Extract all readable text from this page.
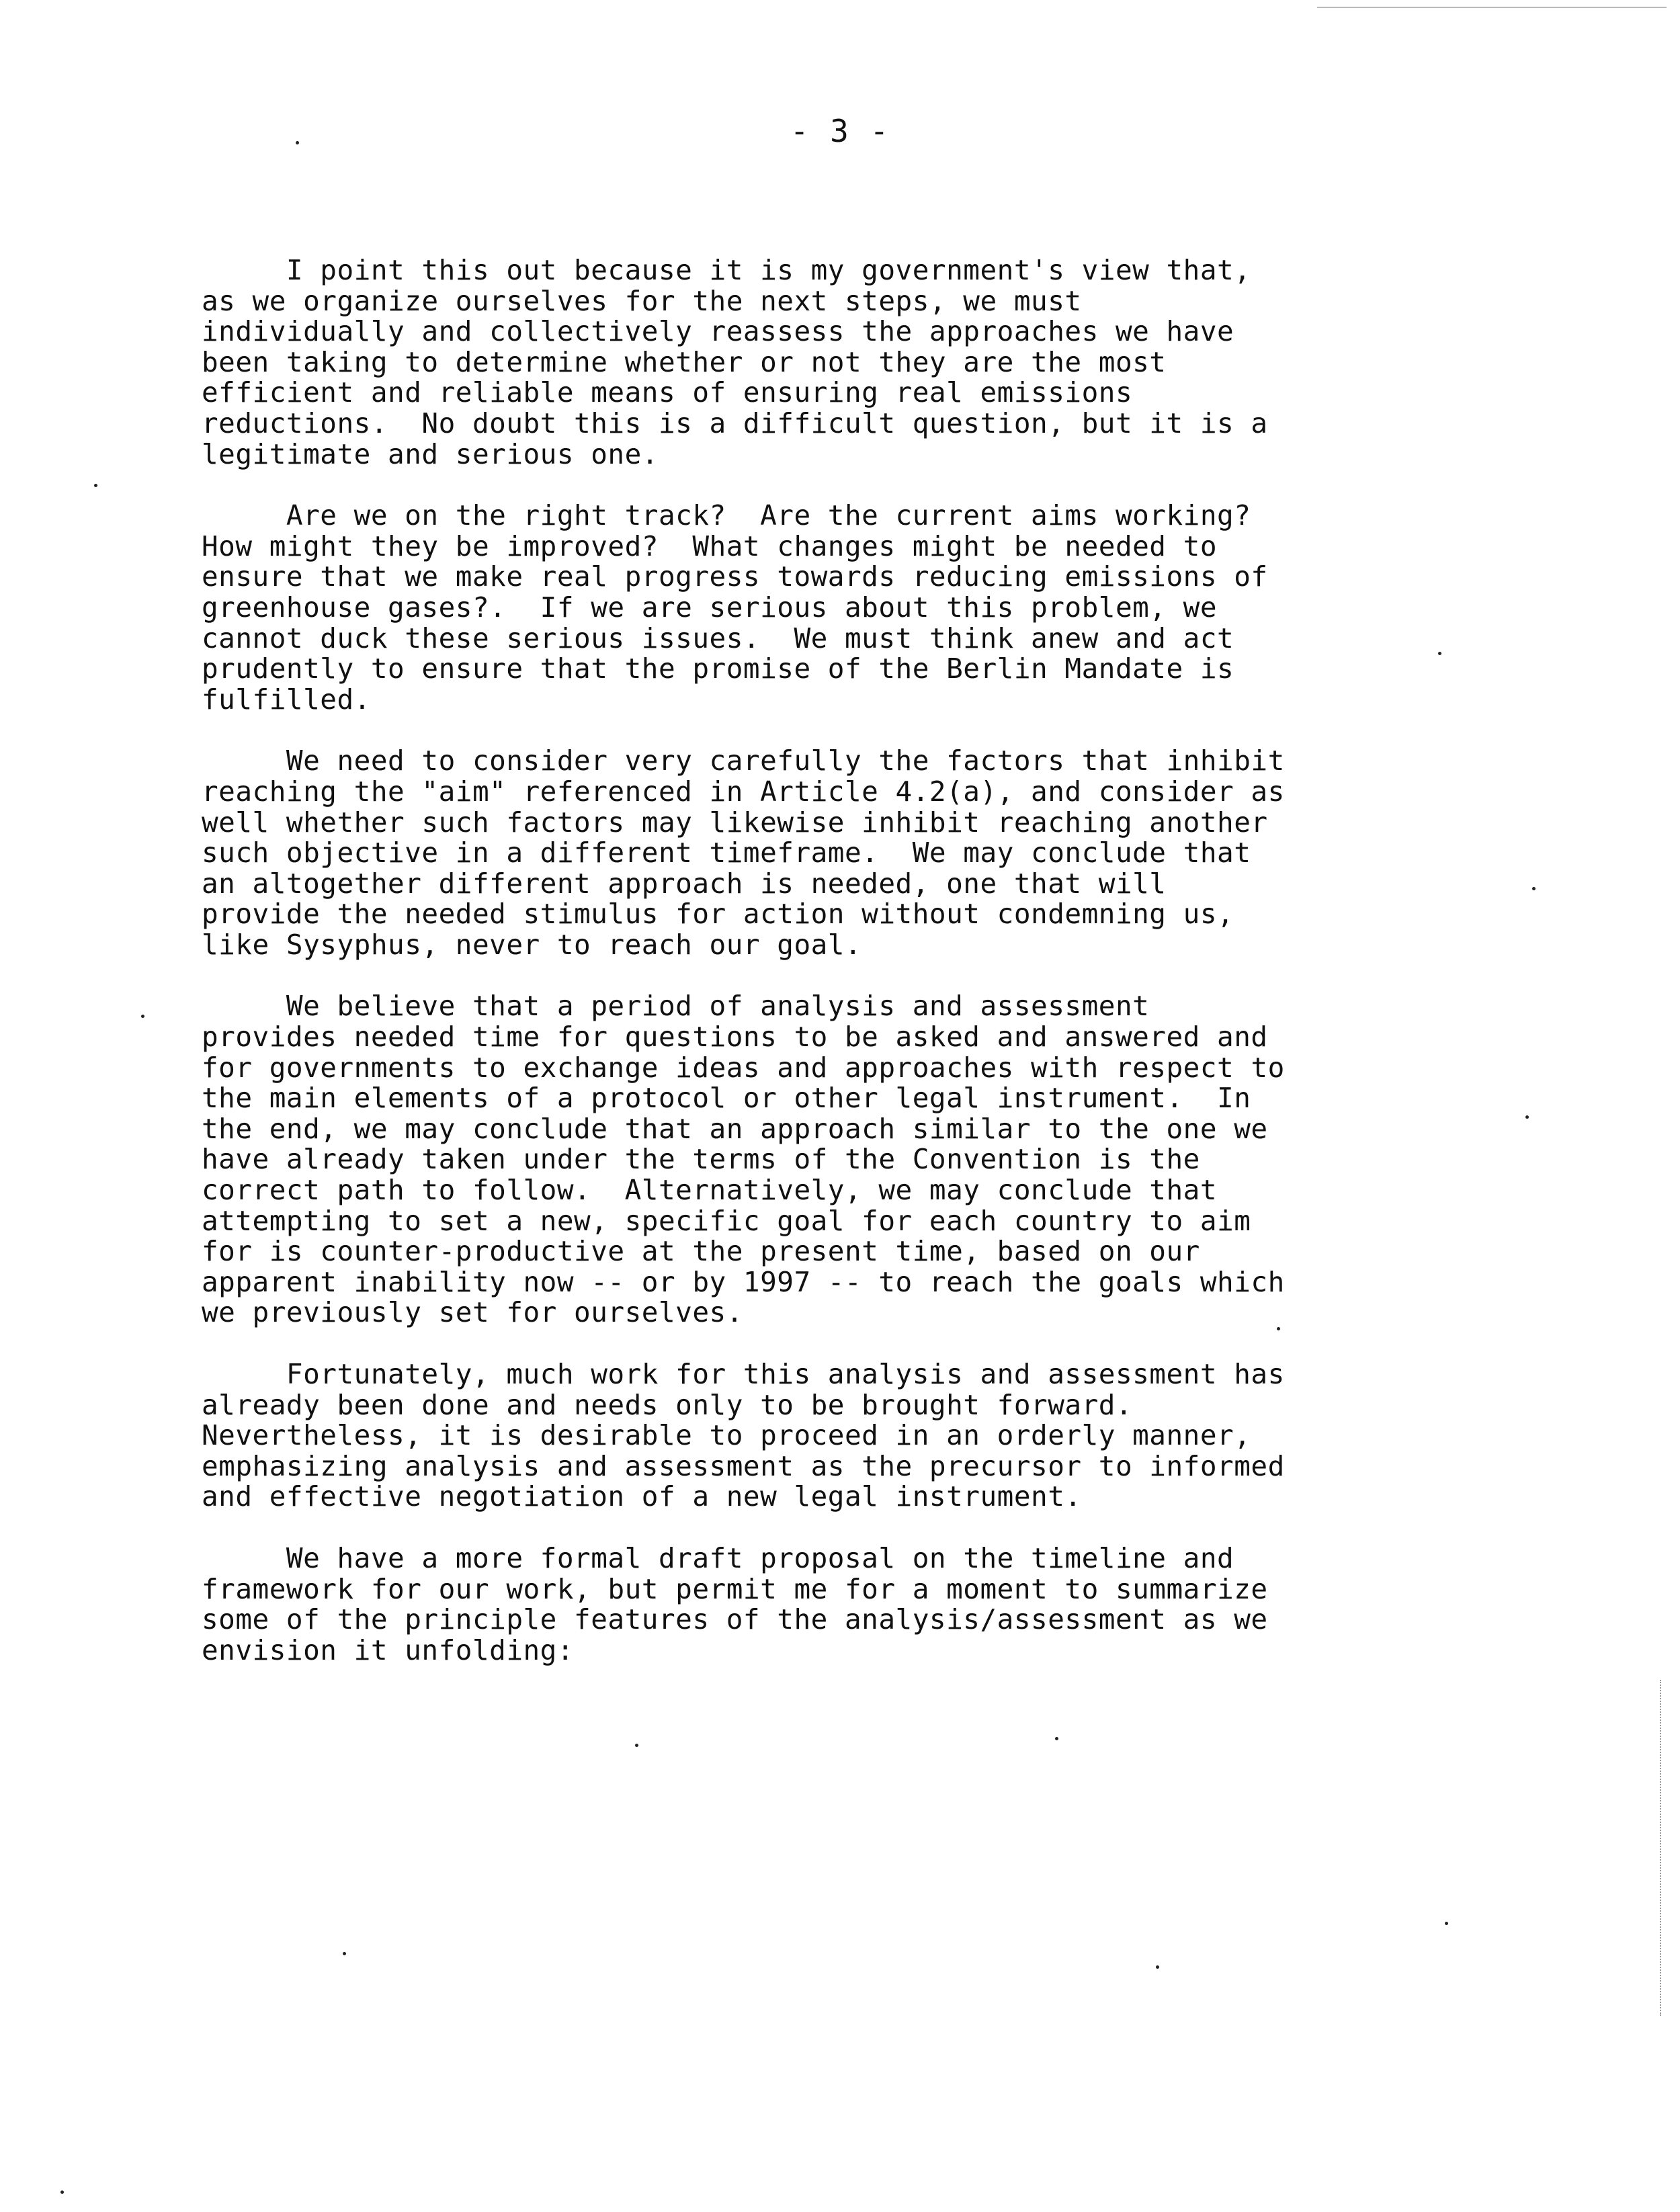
- 3 -

I point this out because it is my government's view that,
as we organize ourselves for the next steps, we must
individually and collectively reassess the approaches we have
been taking to determine whether or not they are the most
efficient and reliable means of ensuring real emissions
reductions.  No doubt this is a difficult question, but it is a
legitimate and serious one.

Are we on the right track?  Are the current aims working?
How might they be improved?  What changes might be needed to
ensure that we make real progress towards reducing emissions of
greenhouse gases?.  If we are serious about this problem, we
cannot duck these serious issues.  We must think anew and act
prudently to ensure that the promise of the Berlin Mandate is
fulfilled.

We need to consider very carefully the factors that inhibit
reaching the "aim" referenced in Article 4.2(a), and consider as
well whether such factors may likewise inhibit reaching another
such objective in a different timeframe.  We may conclude that
an altogether different approach is needed, one that will
provide the needed stimulus for action without condemning us,
like Sysyphus, never to reach our goal.

We believe that a period of analysis and assessment
provides needed time for questions to be asked and answered and
for governments to exchange ideas and approaches with respect to
the main elements of a protocol or other legal instrument.  In
the end, we may conclude that an approach similar to the one we
have already taken under the terms of the Convention is the
correct path to follow.  Alternatively, we may conclude that
attempting to set a new, specific goal for each country to aim
for is counter-productive at the present time, based on our
apparent inability now -- or by 1997 -- to reach the goals which
we previously set for ourselves.

Fortunately, much work for this analysis and assessment has
already been done and needs only to be brought forward.
Nevertheless, it is desirable to proceed in an orderly manner,
emphasizing analysis and assessment as the precursor to informed
and effective negotiation of a new legal instrument.

We have a more formal draft proposal on the timeline and
framework for our work, but permit me for a moment to summarize
some of the principle features of the analysis/assessment as we
envision it unfolding:
